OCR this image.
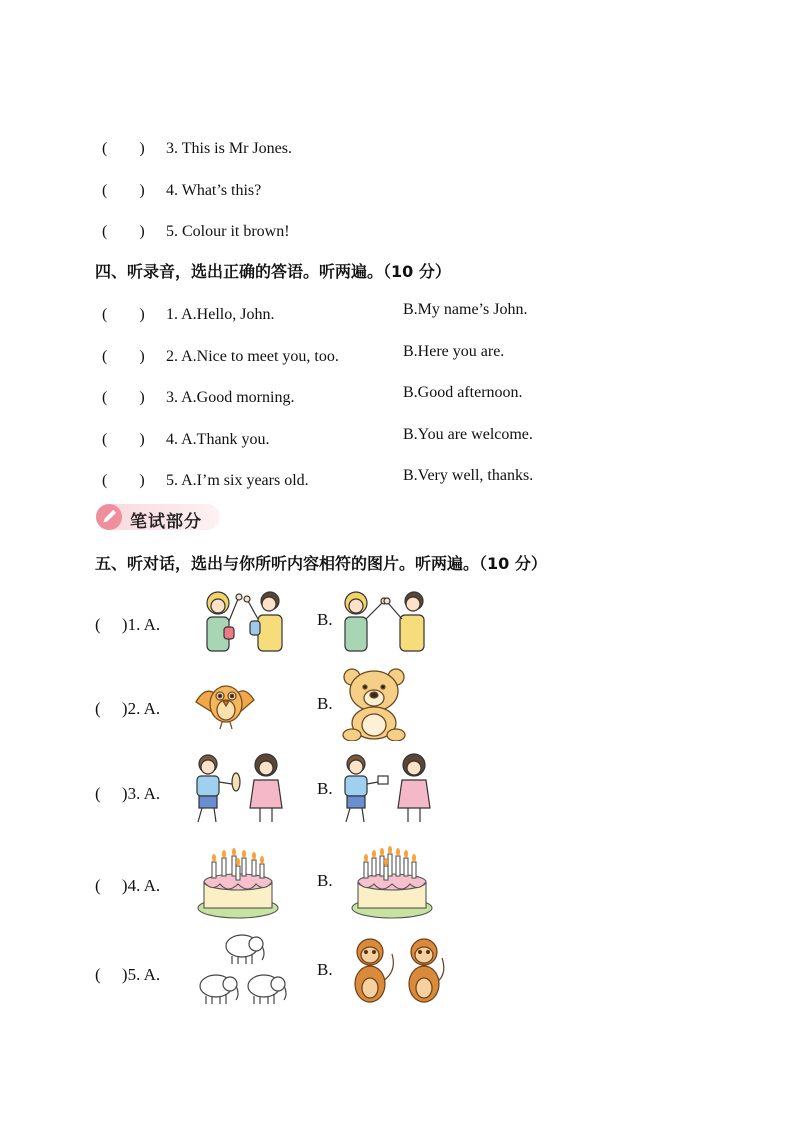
(　　) 3. This is Mr Jones.
(　　) 4. What’s this?
(　　) 5. Colour it brown!
四、听录音，选出正确的答语。听两遍。（10 分）
(　　) 1. A.Hello, John.	B.My name’s John.
(　　) 2. A.Nice to meet you, too.	B.Here you are.
(　　) 3. A.Good morning.	B.Good afternoon.
(　　) 4. A.Thank you.	B.You are welcome.
(　　) 5. A.I’m six years old.	B.Very well, thanks.
笔试部分
五、听对话，选出与你所听内容相符的图片。听两遍。（10 分）
(　 )1. A.	B.
(　 )2. A.	B.
(　 )3. A.	B.
(　 )4. A.	B.
(　 )5. A.	B.
